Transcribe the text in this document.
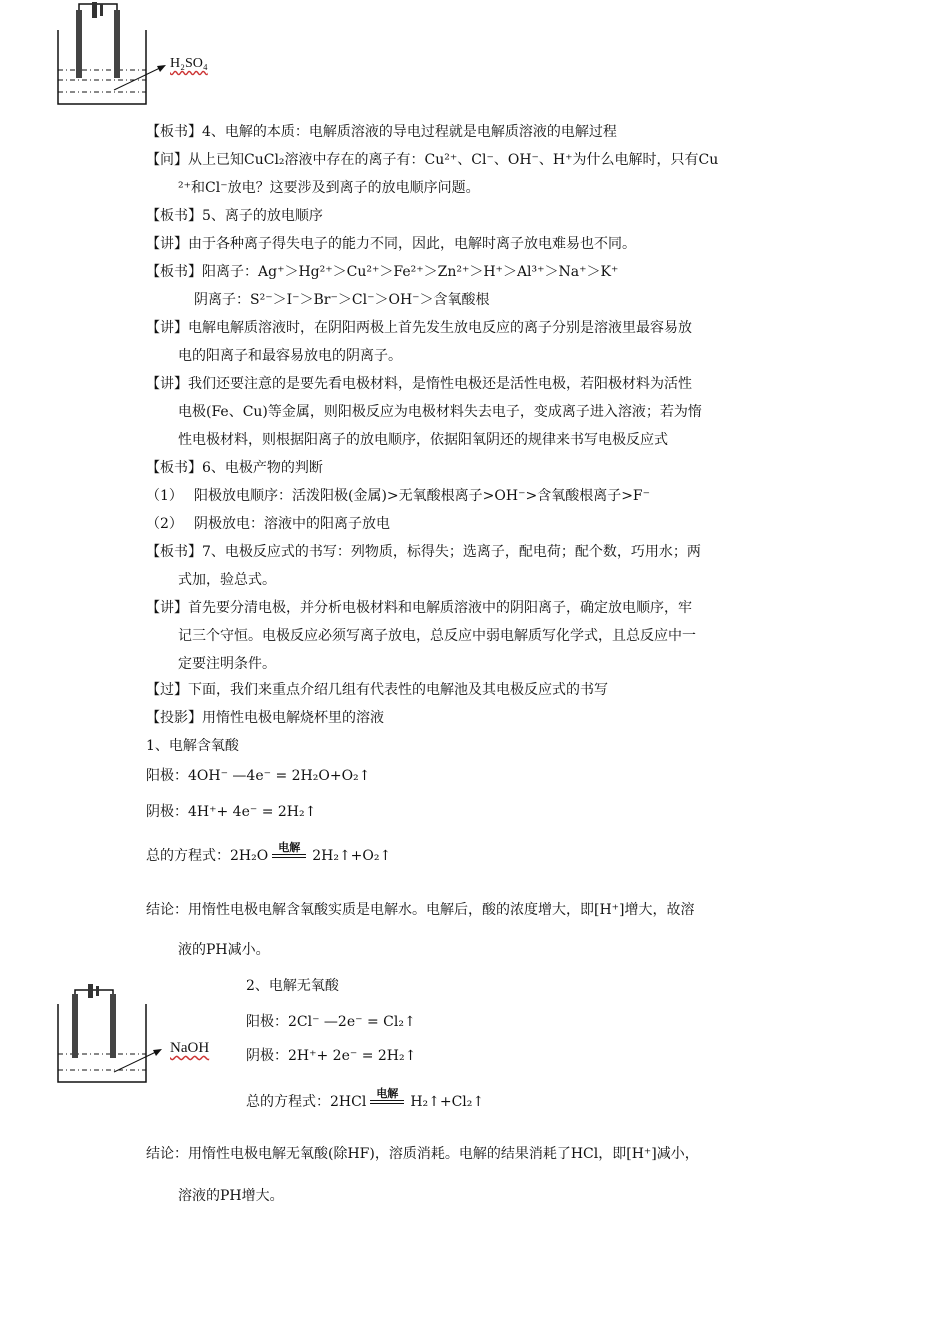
H₂SO₄
【板书】4、电解的本质：电解质溶液的导电过程就是电解质溶液的电解过程
【问】从上已知CuCl₂溶液中存在的离子有：Cu²⁺、Cl⁻、OH⁻、H⁺为什么电解时，只有Cu
²⁺和Cl⁻放电？这要涉及到离子的放电顺序问题。
【板书】5、离子的放电顺序
【讲】由于各种离子得失电子的能力不同，因此，电解时离子放电难易也不同。
【板书】阳离子：Ag⁺＞Hg²⁺＞Cu²⁺＞Fe²⁺＞Zn²⁺＞H⁺＞Al³⁺＞Na⁺＞K⁺
阴离子：S²⁻＞I⁻＞Br⁻＞Cl⁻＞OH⁻＞含氧酸根
【讲】电解电解质溶液时，在阴阳两极上首先发生放电反应的离子分别是溶液里最容易放
电的阳离子和最容易放电的阴离子。
【讲】我们还要注意的是要先看电极材料，是惰性电极还是活性电极，若阳极材料为活性
电极(Fe、Cu)等金属，则阳极反应为电极材料失去电子，变成离子进入溶液；若为惰
性电极材料，则根据阳离子的放电顺序，依据阳氧阴还的规律来书写电极反应式
【板书】6、电极产物的判断
（1） 阳极放电顺序：活泼阳极(金属)>无氧酸根离子>OH⁻>含氧酸根离子>F⁻
（2） 阴极放电：溶液中的阳离子放电
【板书】7、电极反应式的书写：列物质，标得失；选离子，配电荷；配个数，巧用水；两
式加，验总式。
【讲】首先要分清电极，并分析电极材料和电解质溶液中的阴阳离子，确定放电顺序，牢
记三个守恒。电极反应必须写离子放电，总反应中弱电解质写化学式，且总反应中一
定要注明条件。
【过】下面，我们来重点介绍几组有代表性的电解池及其电极反应式的书写
【投影】用惰性电极电解烧杯里的溶液
1、电解含氧酸
阳极：4OH⁻ —4e⁻ = 2H₂O+O₂↑
阴极：4H⁺+ 4e⁻ = 2H₂↑
总的方程式：2H₂O
电解
2H₂↑+O₂↑
结论：用惰性电极电解含氧酸实质是电解水。电解后，酸的浓度增大，即[H⁺]增大，故溶
液的PH减小。
NaOH
2、电解无氧酸
阳极：2Cl⁻ —2e⁻ = Cl₂↑
阴极：2H⁺+ 2e⁻ = 2H₂↑
总的方程式：2HCl
电解
H₂↑+Cl₂↑
结论：用惰性电极电解无氧酸(除HF)，溶质消耗。电解的结果消耗了HCl，即[H⁺]减小，
溶液的PH增大。
